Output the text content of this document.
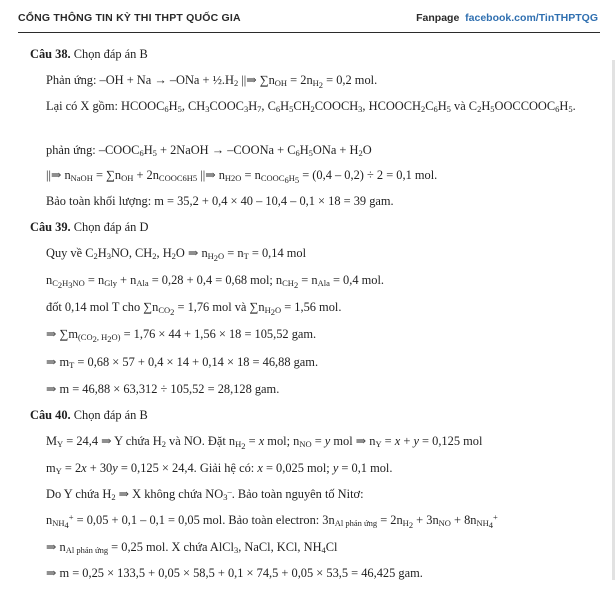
CỔNG THÔNG TIN KỲ THI THPT QUỐC GIA	Fanpage facebook.com/TinTHPTQG
Câu 38. Chọn đáp án B
Phản ứng: $-OH + Na \to -ONa + \frac{1}{2}.H_2$ ||⇒ $\sum n_{OH} = 2n_{H_2} = 0,2$ mol.
Lại có X gồm: $HCOOC_6H_5$, $CH_3COOC_3H_7$, $C_6H_5CH_2COOCH_3$, $HCOOCH_2C_6H_5$ và $C_2H_5OOCCOOC_6H_5$.
phản ứng: $-COOC_6H_5$ + 2NaOH → –COONa + $C_6H_5ONa + H_2O$
||⇒ $n_{NaOH} = \sum n_{OH} + 2n_{COOC6H5}$ ||⇒ $n_{H2O} = n_{COOC_6H_5} = (0,4 - 0,2) \div 2 = 0,1$ mol.
Bảo toàn khối lượng: m = 35,2 + 0,4 × 40 – 10,4 – 0,1 × 18 = 39 gam.
Câu 39. Chọn đáp án D
Quy về $C_2H_3NO$, $CH_2$, $H_2O$ ⇒ $n_{H_2O} = n_T = 0,14$ mol
$n_{C_2H_3NO} = n_{Gly} + n_{Ala} = 0,28 + 0,4 = 0,68$ mol; $n_{CH_2} = n_{Ala} = 0,4$ mol.
đốt 0,14 mol T cho $\sum n_{CO_2} = 1,76$ mol và $\sum n_{H_2O} = 1,56$ mol.
⇒ $\sum m_{(CO_2, H_2O)} = 1,76 \times 44 + 1,56 \times 18 = 105,52$ gam.
⇒ $m_T = 0,68 \times 57 + 0,4 \times 14 + 0,14 \times 18 = 46,88$ gam.
⇒ m = 46,88 × 63,312 ÷ 105,52 = 28,128 gam.
Câu 40. Chọn đáp án B
$M_Y = 24,4$ ⇒ Y chứa $H_2$ và NO. Đặt $n_{H_2} = x$ mol; $n_{NO} = y$ mol ⇒ $n_Y = x + y = 0,125$ mol
$m_Y = 2x + 30y = 0,125 \times 24,4$. Giải hệ có: x = 0,025 mol; y = 0,1 mol.
Do Y chứa $H_2$ ⇒ X không chứa $NO_3^-$. Bảo toàn nguyên tố Nitơ:
$n_{NH_4}^+ = 0,05 + 0,1 - 0,1 = 0,05$ mol. Bảo toàn electron: $3n_{Al phản ứng} = 2n_{H_2} + 3n_{NO} + 8n_{NH_4}^+$
⇒ $n_{Al phản ứng} = 0,25$ mol. X chứa AlCl$_3$, NaCl, KCl, $NH_4Cl$
⇒ m = 0,25 × 133,5 + 0,05 × 58,5 + 0,1 × 74,5 + 0,05 × 53,5 = 46,425 gam.
